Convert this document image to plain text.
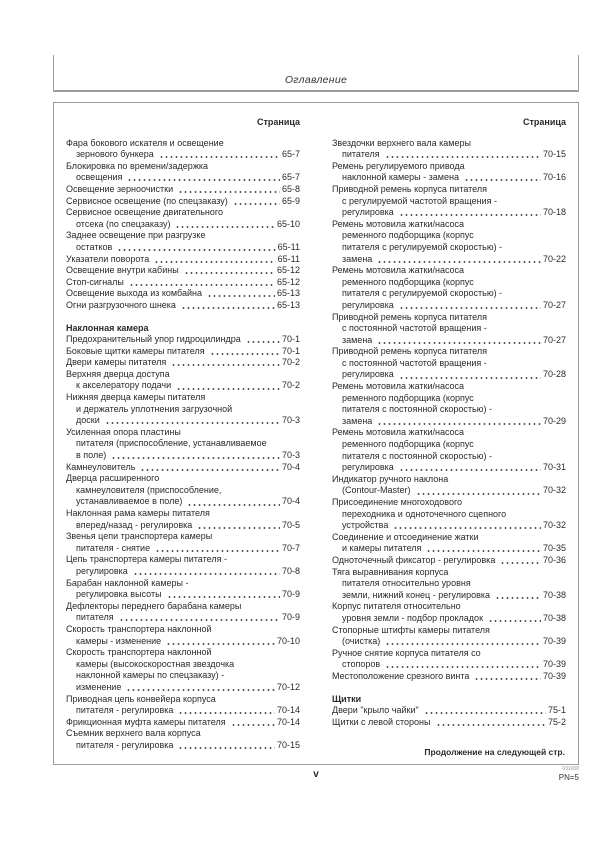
Оглавление
Страница
Фара бокового искателя и освещение
зернового бункера	65-7
Блокировка по времени/задержка
освещения	65-7
Освещение зерноочистки	65-8
Сервисное освещение (по спецзаказу)	65-9
Сервисное освещение двигательного
отсека (по спецзаказу)	65-10
Заднее освещение при разгрузке
остатков	65-11
Указатели поворота	65-11
Освещение внутри кабины	65-12
Стоп-сигналы	65-12
Освещение выхода из комбайна	65-13
Огни разгрузочного шнека	65-13
Наклонная камера
Предохранительный упор гидроцилиндра	70-1
Боковые щитки камеры питателя	70-1
Двери камеры питателя	70-2
Верхняя дверца доступа
к акселератору подачи	70-2
Нижняя дверца камеры питателя
и держатель уплотнения загрузочной
доски	70-3
Усиленная опора пластины
питателя (приспособление, устанавливаемое
в поле)	70-3
Камнеуловитель	70-4
Дверца расширенного
камнеуловителя (приспособление,
устанавливаемое в поле)	70-4
Наклонная рама камеры питателя
вперед/назад - регулировка	70-5
Звенья цепи транспортера камеры
питателя - снятие	70-7
Цепь транспортера камеры питателя -
регулировка	70-8
Барабан наклонной камеры -
регулировка высоты	70-9
Дефлекторы переднего барабана камеры
питателя	70-9
Скорость транспортера наклонной
камеры - изменение	70-10
Скорость транспортера наклонной
камеры (высокоскоростная звездочка
наклонной камеры по спецзаказу) -
изменение	70-12
Приводная цепь конвейера корпуса
питателя - регулировка	70-14
Фрикционная муфта камеры питателя	70-14
Съемник верхнего вала корпуса
питателя - регулировка	70-15
Страница
Звездочки верхнего вала камеры
питателя	70-15
Ремень регулируемого привода
наклонной камеры - замена	70-16
Приводной ремень корпуса питателя
с регулируемой частотой вращения -
регулировка	70-18
Ремень мотовила жатки/насоса
ременного подборщика (корпус
питателя с регулируемой скоростью) -
замена	70-22
Ремень мотовила жатки/насоса
ременного подборщика (корпус
питателя с регулируемой скоростью) -
регулировка	70-27
Приводной ремень корпуса питателя
с постоянной частотой вращения -
замена	70-27
Приводной ремень корпуса питателя
с постоянной частотой вращения -
регулировка	70-28
Ремень мотовила жатки/насоса
ременного подборщика (корпус
питателя с постоянной скоростью) -
замена	70-29
Ремень мотовила жатки/насоса
ременного подборщика (корпус
питателя с постоянной скоростью) -
регулировка	70-31
Индикатор ручного наклона
(Contour-Master)	70-32
Присоединение многоходового
переходника и одноточечного сцепного
устройства	70-32
Соединение и отсоединение жатки
и камеры питателя	70-35
Одноточечный фиксатор - регулировка	70-36
Тяга выравнивания корпуса
питателя относительно уровня
земли, нижний конец - регулировка	70-38
Корпус питателя относительно
уровня земли - подбор прокладок	70-38
Стопорные штифты камеры питателя
(очистка)	70-39
Ручное снятие корпуса питателя со
стопоров	70-39
Местоположение срезного винта	70-39
Щитки
Двери "крыло чайки"	75-1
Щитки с левой стороны	75-2
Продолжение на следующей стр.
v	031008
PN=5
